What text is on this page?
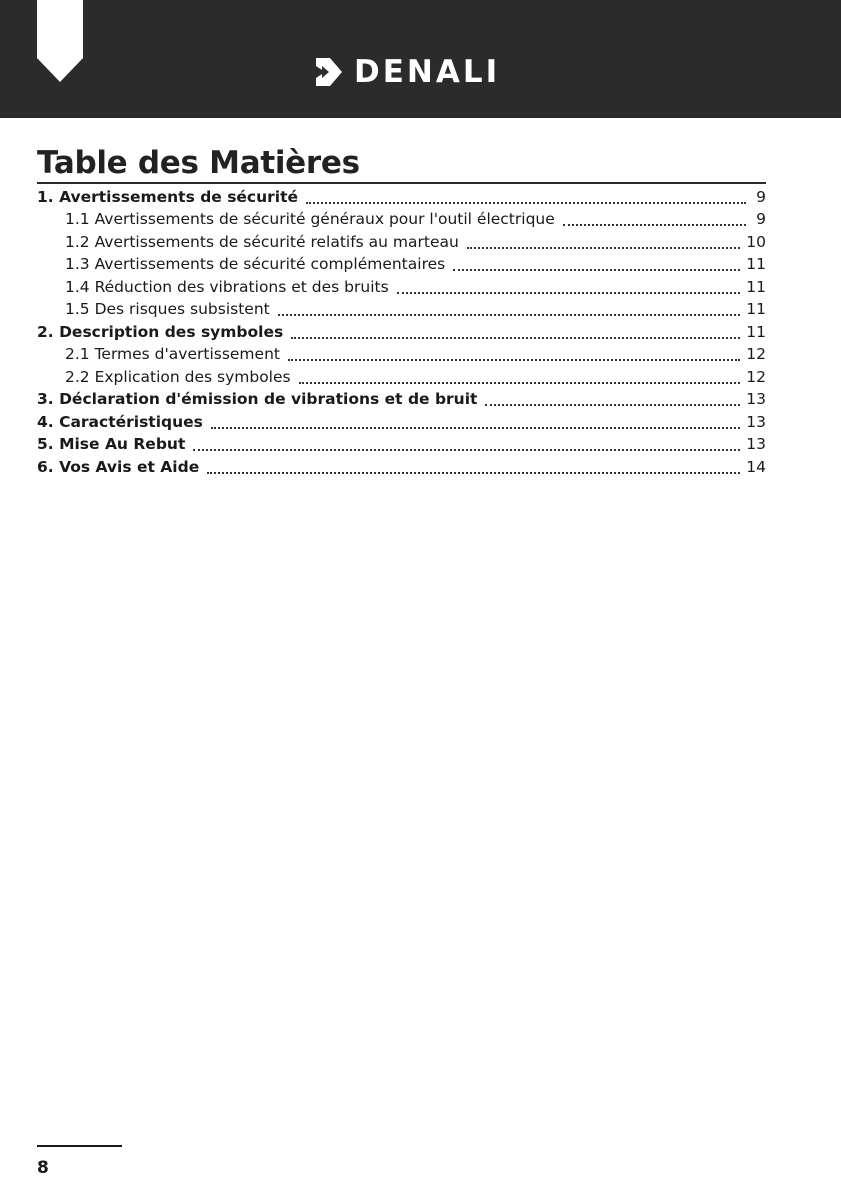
DENALI
Table des Matières
1. Avertissements de sécurité	9
1.1 Avertissements de sécurité généraux pour l'outil électrique	9
1.2 Avertissements de sécurité relatifs au marteau	10
1.3 Avertissements de sécurité complémentaires	11
1.4 Réduction des vibrations et des bruits	11
1.5 Des risques subsistent	11
2. Description des symboles	11
2.1 Termes d'avertissement	12
2.2 Explication des symboles	12
3. Déclaration d'émission de vibrations et de bruit	13
4. Caractéristiques	13
5. Mise Au Rebut	13
6. Vos Avis et Aide	14
8
